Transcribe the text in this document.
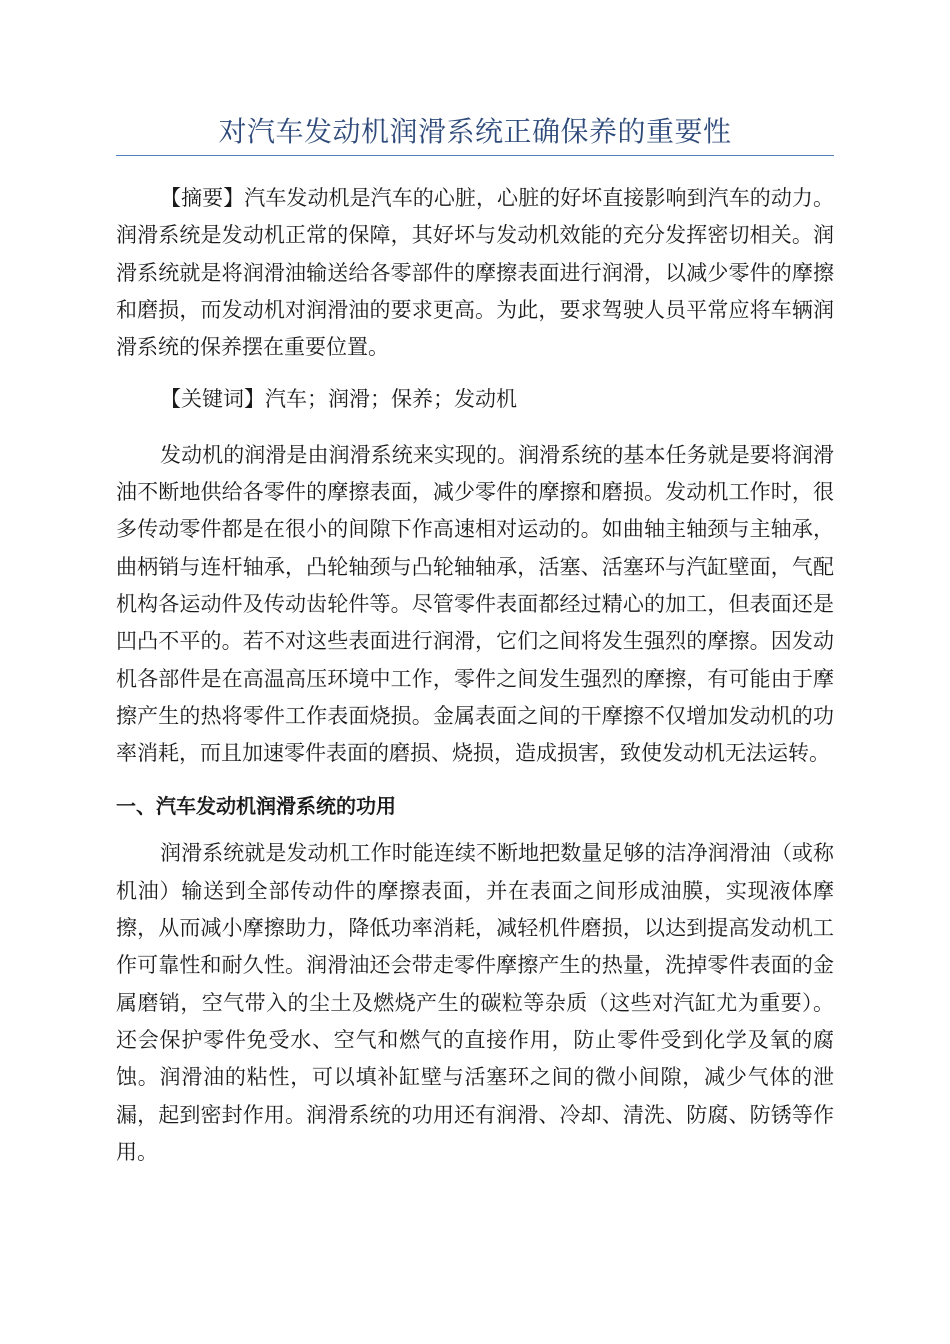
对汽车发动机润滑系统正确保养的重要性

【摘要】汽车发动机是汽车的心脏，心脏的好坏直接影响到汽车的动力。润滑系统是发动机正常的保障，其好坏与发动机效能的充分发挥密切相关。润滑系统就是将润滑油输送给各零部件的摩擦表面进行润滑，以减少零件的摩擦和磨损，而发动机对润滑油的要求更高。为此，要求驾驶人员平常应将车辆润滑系统的保养摆在重要位置。

【关键词】汽车；润滑；保养；发动机

发动机的润滑是由润滑系统来实现的。润滑系统的基本任务就是要将润滑油不断地供给各零件的摩擦表面，减少零件的摩擦和磨损。发动机工作时，很多传动零件都是在很小的间隙下作高速相对运动的。如曲轴主轴颈与主轴承，曲柄销与连杆轴承，凸轮轴颈与凸轮轴轴承，活塞、活塞环与汽缸壁面，气配机构各运动件及传动齿轮件等。尽管零件表面都经过精心的加工，但表面还是凹凸不平的。若不对这些表面进行润滑，它们之间将发生强烈的摩擦。因发动机各部件是在高温高压环境中工作，零件之间发生强烈的摩擦，有可能由于摩擦产生的热将零件工作表面烧损。金属表面之间的干摩擦不仅增加发动机的功率消耗，而且加速零件表面的磨损、烧损，造成损害，致使发动机无法运转。

一、汽车发动机润滑系统的功用

润滑系统就是发动机工作时能连续不断地把数量足够的洁净润滑油（或称机油）输送到全部传动件的摩擦表面，并在表面之间形成油膜，实现液体摩擦，从而减小摩擦助力，降低功率消耗，减轻机件磨损，以达到提高发动机工作可靠性和耐久性。润滑油还会带走零件摩擦产生的热量，洗掉零件表面的金属磨销，空气带入的尘土及燃烧产生的碳粒等杂质（这些对汽缸尤为重要）。还会保护零件免受水、空气和燃气的直接作用，防止零件受到化学及氧的腐蚀。润滑油的粘性，可以填补缸壁与活塞环之间的微小间隙，减少气体的泄漏，起到密封作用。润滑系统的功用还有润滑、冷却、清洗、防腐、防锈等作用。
